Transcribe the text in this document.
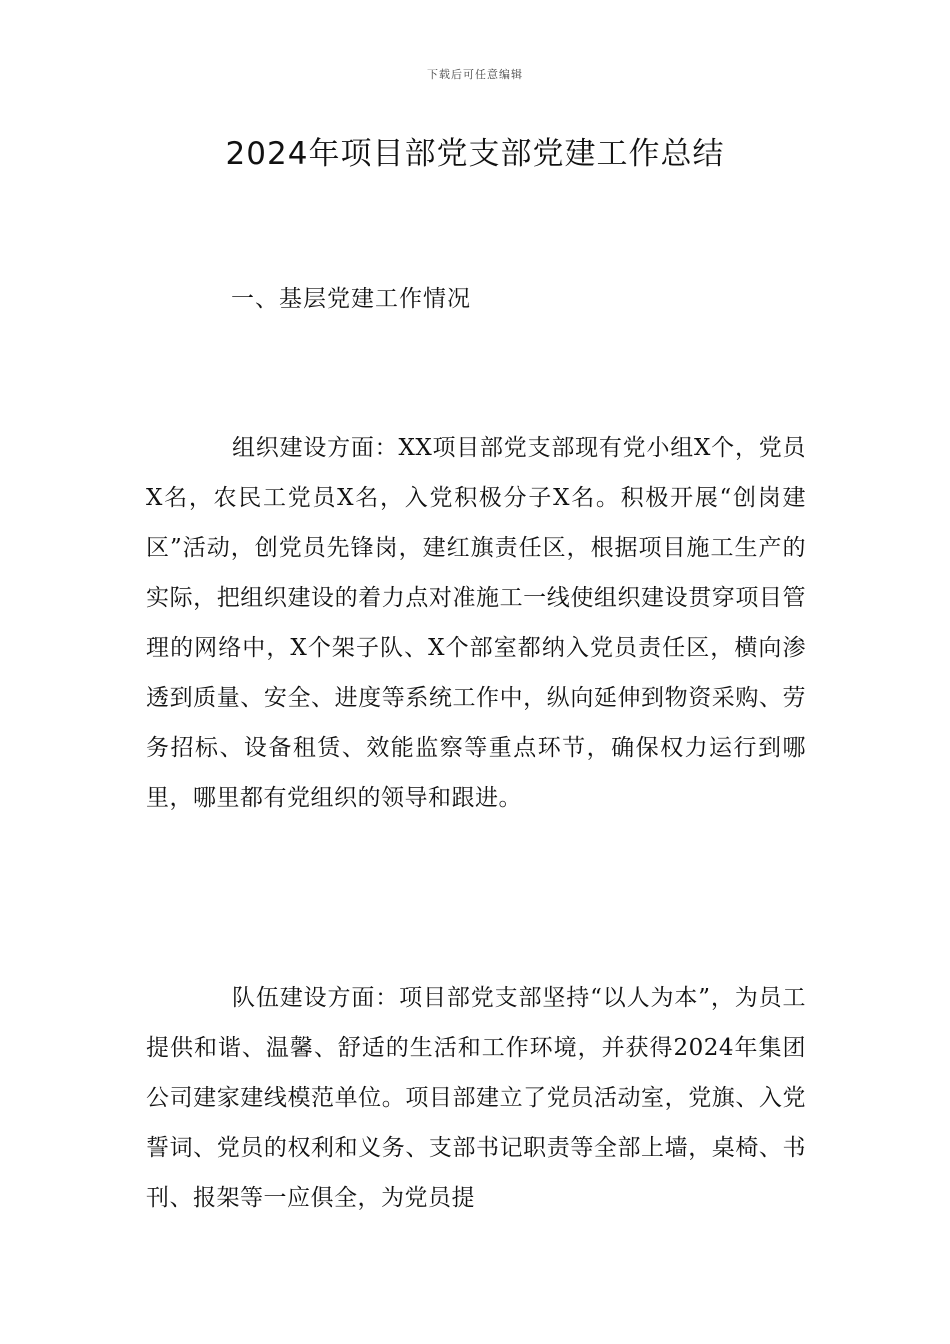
下载后可任意编辑
2024年项目部党支部党建工作总结
一、基层党建工作情况

组织建设方面：XX项目部党支部现有党小组X个，党员X名，农民工党员X名，入党积极分子X名。积极开展“创岗建区”活动，创党员先锋岗，建红旗责任区，根据项目施工生产的实际，把组织建设的着力点对准施工一线使组织建设贯穿项目管理的网络中，X个架子队、X个部室都纳入党员责任区，横向渗透到质量、安全、进度等系统工作中，纵向延伸到物资采购、劳务招标、设备租赁、效能监察等重点环节，确保权力运行到哪里，哪里都有党组织的领导和跟进。

队伍建设方面：项目部党支部坚持“以人为本”，为员工提供和谐、温馨、舒适的生活和工作环境，并获得2024年集团公司建家建线模范单位。项目部建立了党员活动室，党旗、入党誓词、党员的权利和义务、支部书记职责等全部上墙，桌椅、书刊、报架等一应俱全，为党员提
